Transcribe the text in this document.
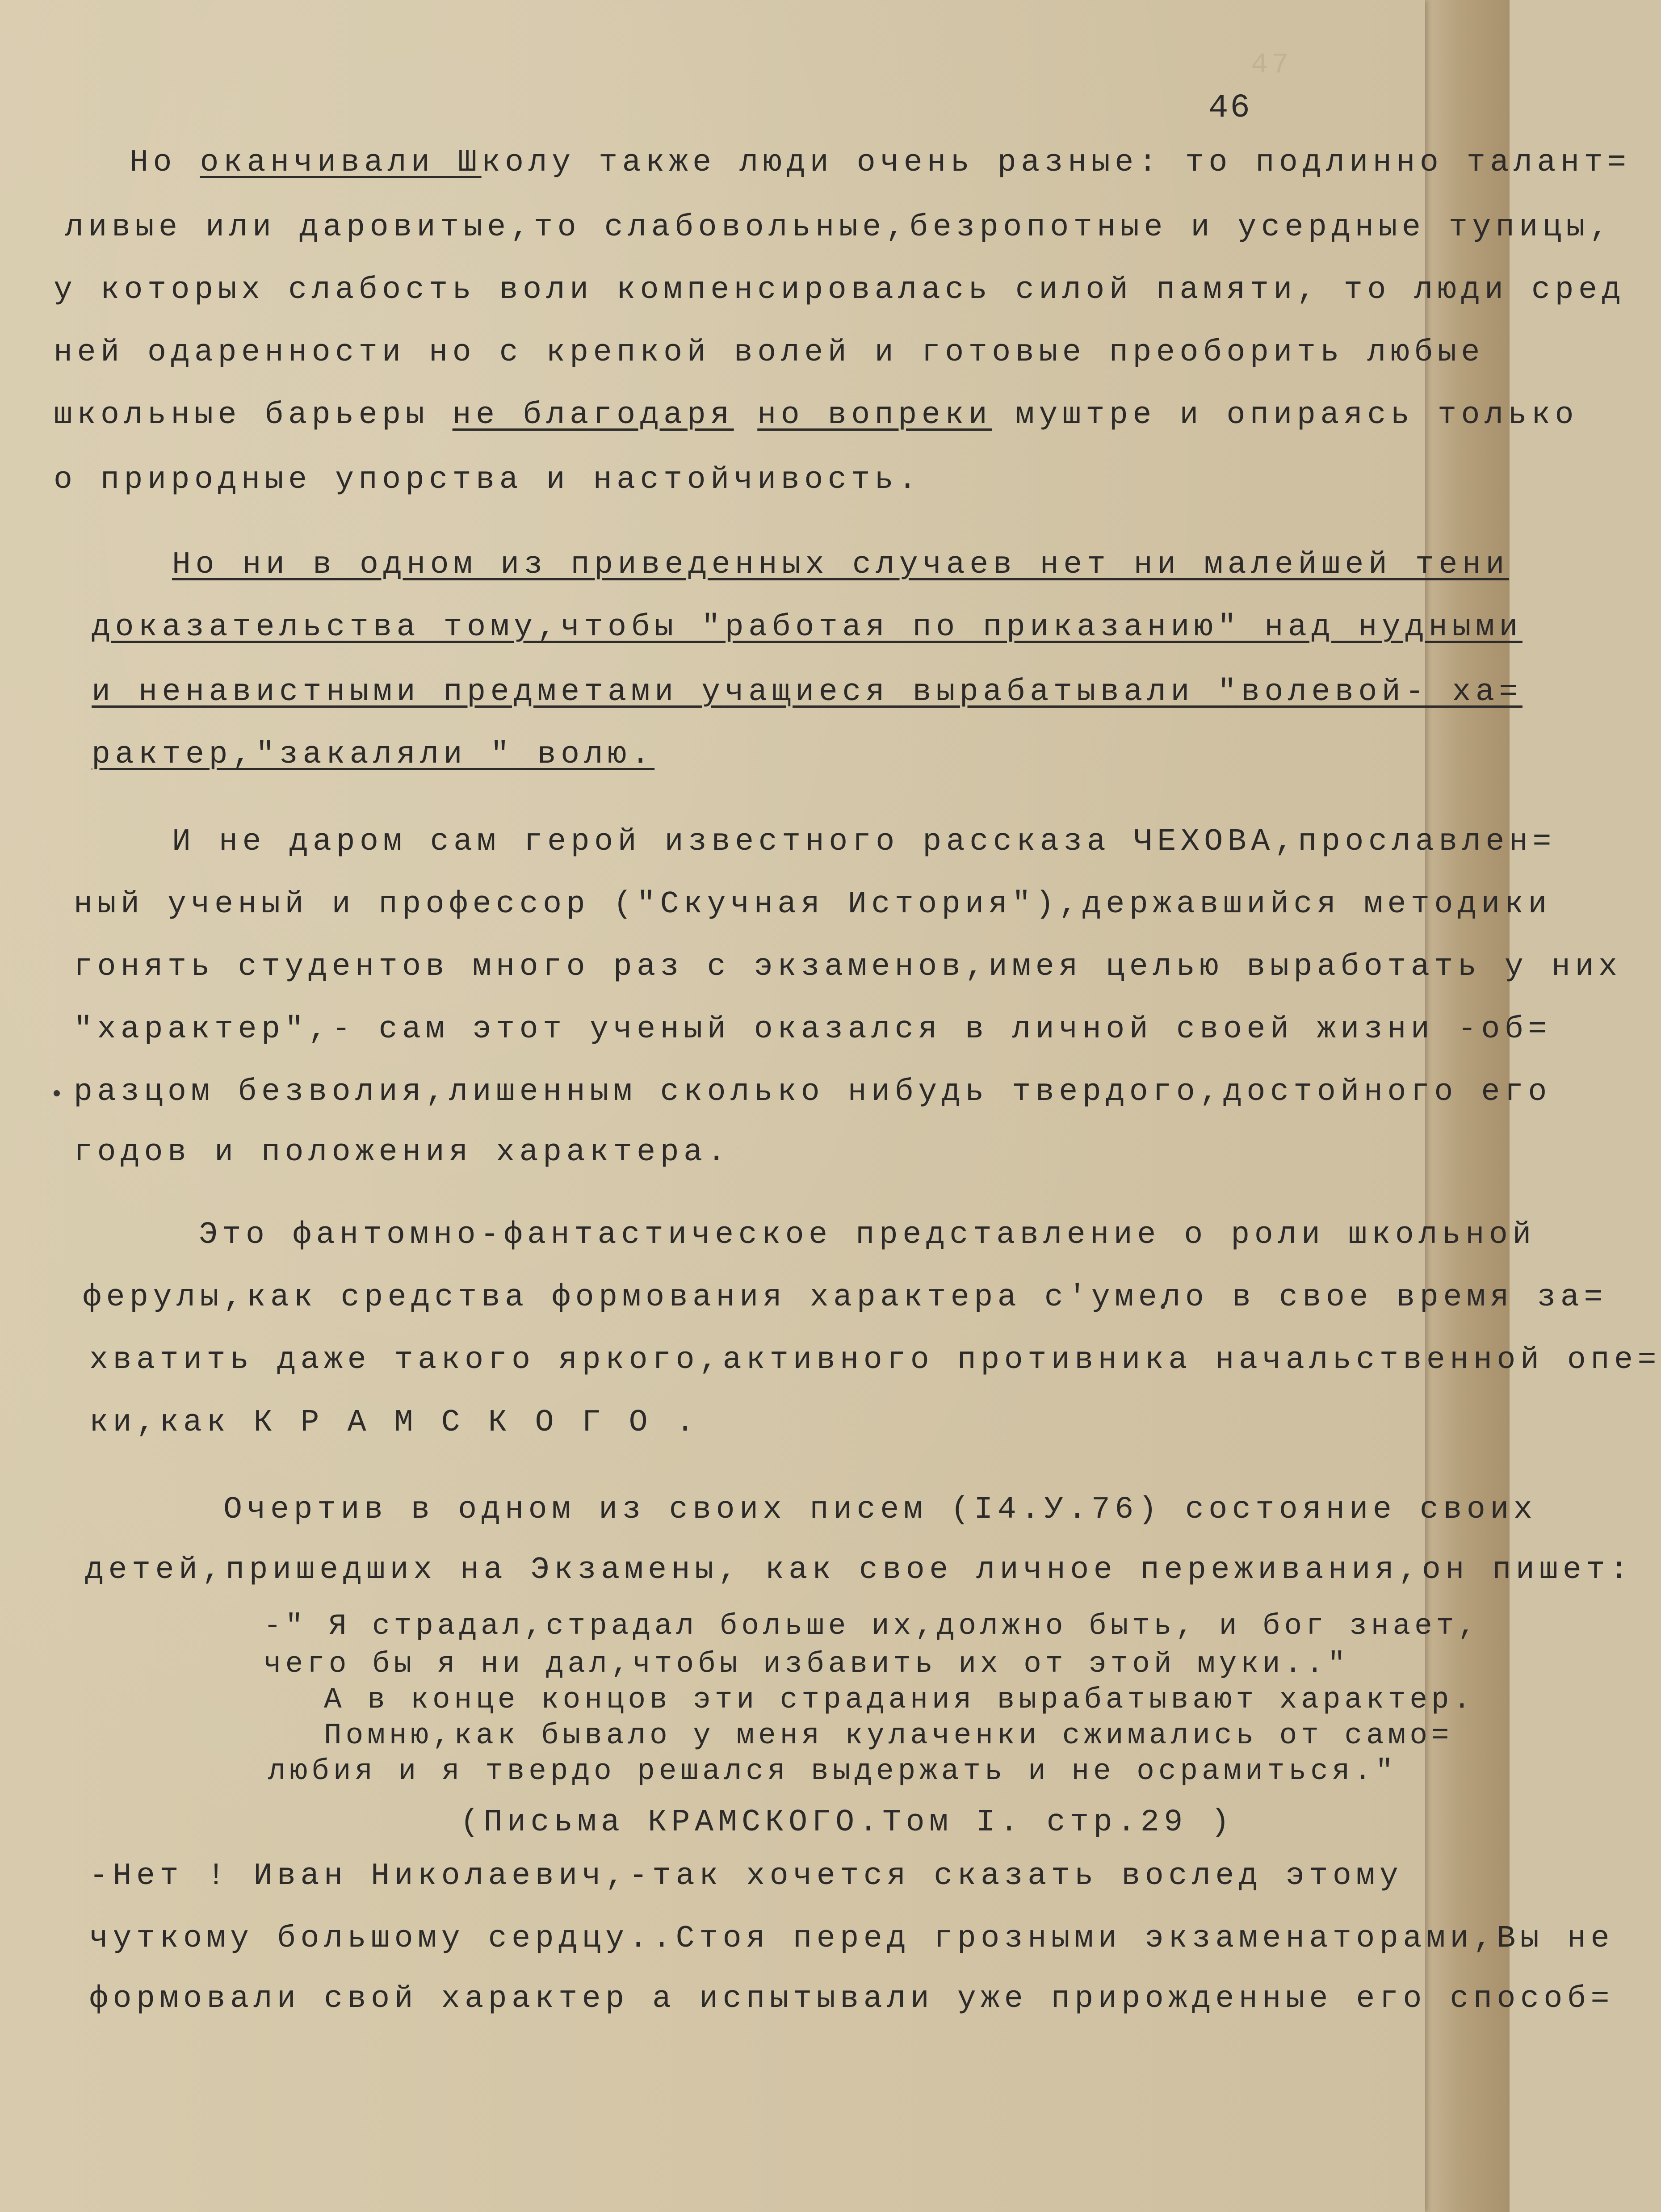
47
46
Но оканчивали Школу также люди очень разные: то подлинно талант=
ливые или даровитые,то слабовольные,безропотные и усердные тупицы,
у которых слабость воли компенсировалась силой памяти, то люди сред
ней одаренности но с крепкой волей и готовые преоборить любые
школьные барьеры не благодаря но вопреки муштре и опираясь только
о природные упорства и настойчивость.
Но ни в одном из приведенных случаев нет ни малейшей тени
доказательства тому,чтобы "работая по приказанию" над нудными
и ненавистными предметами учащиеся вырабатывали "волевой- ха=
рактер,"закаляли " волю.
И не даром сам герой известного рассказа ЧЕХОВА,прославлен=
ный ученый и профессор ("Скучная История"),державшийся методики
гонять студентов много раз с экзаменов,имея целью выработать у них
"характер",- сам этот ученый оказался в личной своей жизни -об=
разцом безволия,лишенным сколько нибудь твердого,достойного его
годов и положения характера.
Это фантомно-фантастическое представление о роли школьной
ферулы,как средства формования характера с'умело в свое время за=
хватить даже такого яркого,активного противника начальственной опе=
ки,как К Р А М С К О Г О .
Очертив в одном из своих писем (I4.У.76) состояние своих
детей,пришедших на Экзамены, как свое личное переживания,он пишет:
-" Я страдал,страдал больше их,должно быть, и бог знает,
чего бы я ни дал,чтобы избавить их от этой муки.."
А в конце концов эти страдания вырабатывают характер.
Помню,как бывало у меня кулаченки сжимались от само=
любия и я твердо решался выдержать и не осрамиться."
(Письма КРАМСКОГО.Том I. стр.29 )
-Нет ! Иван Николаевич,-так хочется сказать вослед этому
чуткому большому сердцу..Стоя перед грозными экзаменаторами,Вы не
формовали свой характер а испытывали уже прирожденные его способ=
